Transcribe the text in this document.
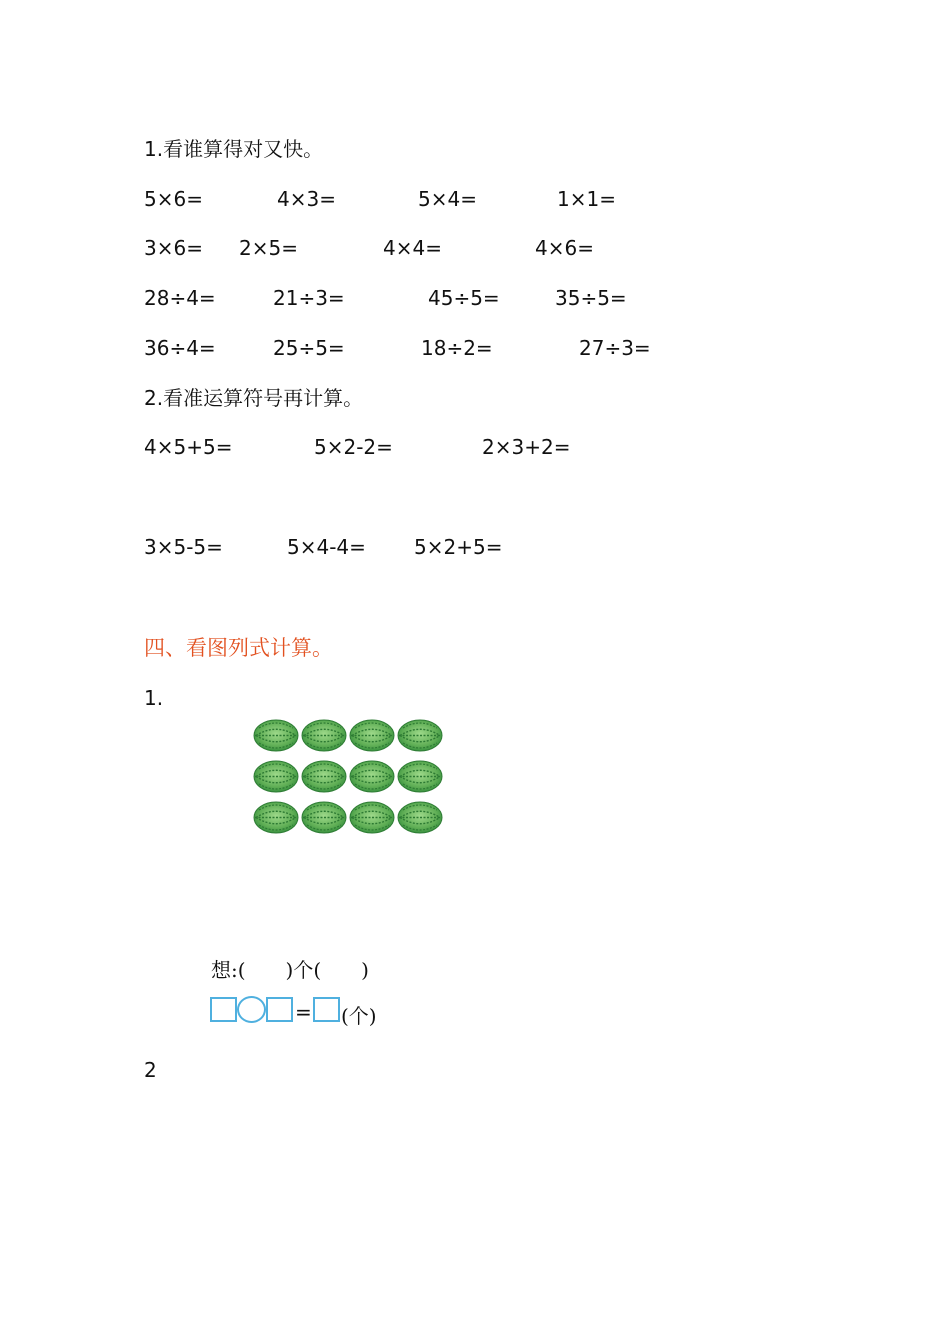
1.看谁算得对又快。
5×6=	4×3=	5×4=	1×1=
3×6= 2×5=	4×4=	4×6=
28÷4=	21÷3=	45÷5=	35÷5=
36÷4=	25÷5=	18÷2=	27÷3=
2.看准运算符号再计算。
4×5+5=	5×2-2=	2×3+2=
3×5-5=	5×4-4= 5×2+5=
四、看图列式计算。
1.
想:(　　)个(　　)
= (个)
2
